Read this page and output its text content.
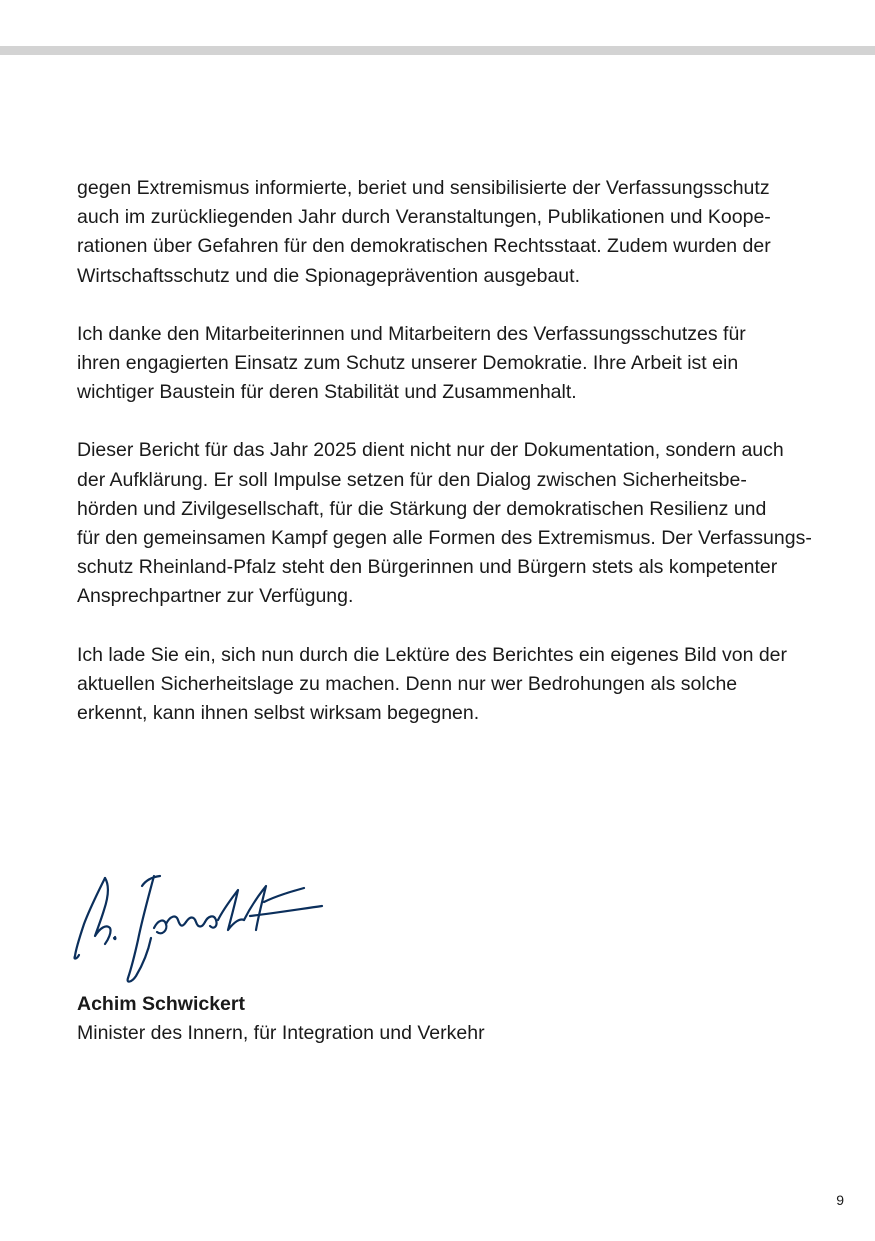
gegen Extremismus informierte, beriet und sensibilisierte der Verfassungsschutz
auch im zurückliegenden Jahr durch Veranstaltungen, Publikationen und Koope-
rationen über Gefahren für den demokratischen Rechtsstaat. Zudem wurden der
Wirtschaftsschutz und die Spionageprävention ausgebaut.

Ich danke den Mitarbeiterinnen und Mitarbeitern des Verfassungsschutzes für
ihren engagierten Einsatz zum Schutz unserer Demokratie. Ihre Arbeit ist ein
wichtiger Baustein für deren Stabilität und Zusammenhalt.

Dieser Bericht für das Jahr 2025 dient nicht nur der Dokumentation, sondern auch
der Aufklärung. Er soll Impulse setzen für den Dialog zwischen Sicherheitsbe-
hörden und Zivilgesellschaft, für die Stärkung der demokratischen Resilienz und
für den gemeinsamen Kampf gegen alle Formen des Extremismus. Der Verfassungs-
schutz Rheinland-Pfalz steht den Bürgerinnen und Bürgern stets als kompetenter
Ansprechpartner zur Verfügung.

Ich lade Sie ein, sich nun durch die Lektüre des Berichtes ein eigenes Bild von der
aktuellen Sicherheitslage zu machen. Denn nur wer Bedrohungen als solche
erkennt, kann ihnen selbst wirksam begegnen.

Achim Schwickert
Minister des Innern, für Integration und Verkehr
9
